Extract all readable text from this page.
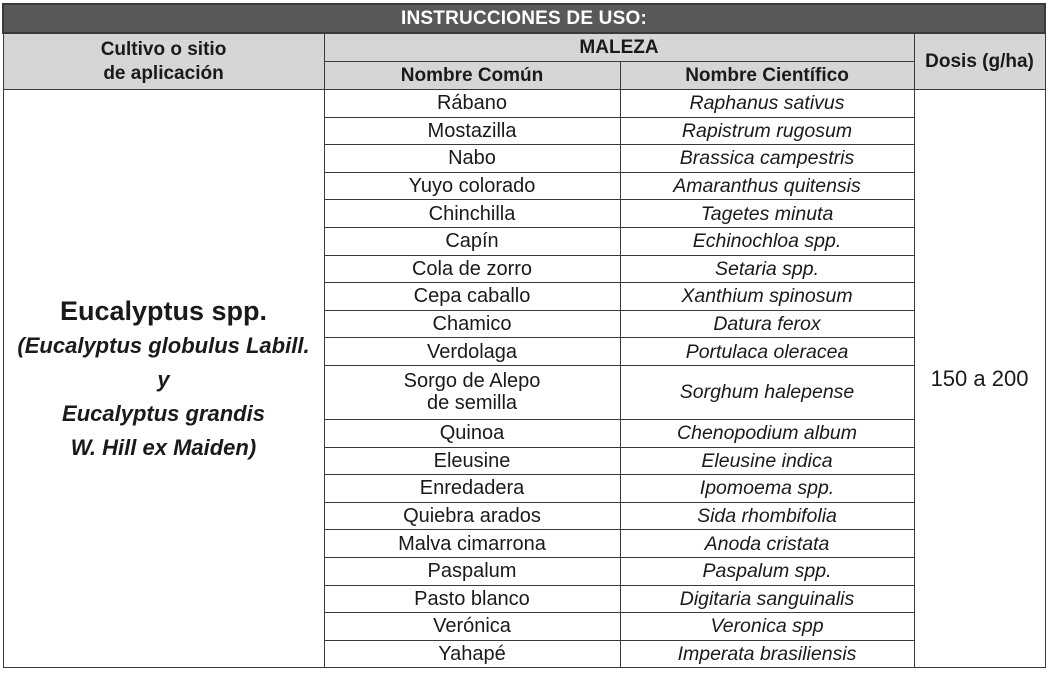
INSTRUCCIONES DE USO:			

Cultivo o sitio
de aplicación	MALEZA		Dosis (g/ha)
	Nombre Común	Nombre Científico	

Eucalyptus spp.
(Eucalyptus globulus Labill.
y
Eucalyptus grandis
W. Hill ex Maiden)	Rábano	Raphanus sativus	150 a 200
	Mostazilla	Rapistrum rugosum	
	Nabo	Brassica campestris	
	Yuyo colorado	Amaranthus quitensis	
	Chinchilla	Tagetes minuta	
	Capín	Echinochloa spp.	
	Cola de zorro	Setaria spp.	
	Cepa caballo	Xanthium spinosum	
	Chamico	Datura ferox	
	Verdolaga	Portulaca oleracea	

	Sorgo de Alepo
de semilla	Sorghum halepense	
	Quinoa	Chenopodium album	
	Eleusine	Eleusine indica	
	Enredadera	Ipomoema spp.	
	Quiebra arados	Sida rhombifolia	
	Malva cimarrona	Anoda cristata	
	Paspalum	Paspalum spp.	
	Pasto blanco	Digitaria sanguinalis	
	Verónica	Veronica spp	
	Yahapé	Imperata brasiliensis	
